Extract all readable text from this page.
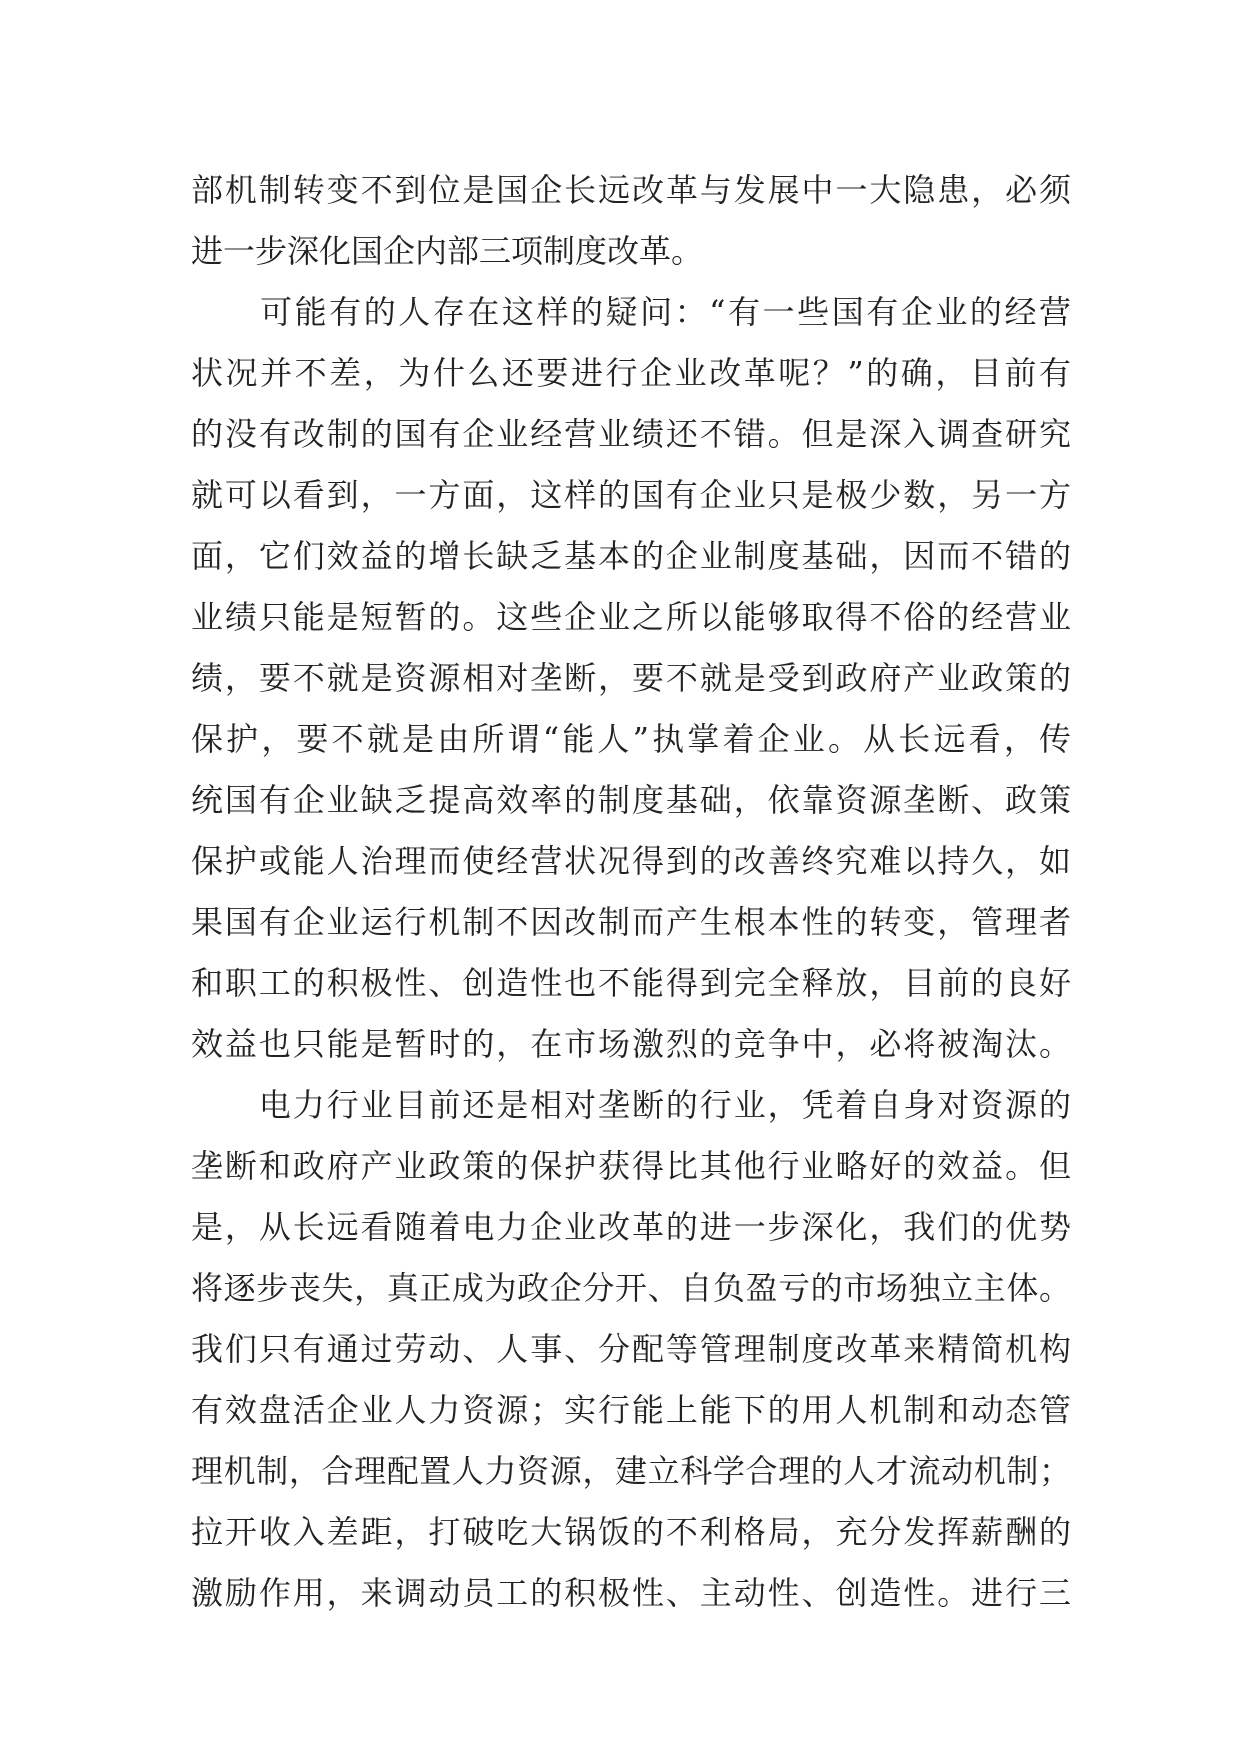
部机制转变不到位是国企长远改革与发展中一大隐患，必须
进一步深化国企内部三项制度改革。
　　可能有的人存在这样的疑问：“有一些国有企业的经营
状况并不差，为什么还要进行企业改革呢？”的确，目前有
的没有改制的国有企业经营业绩还不错。但是深入调查研究
就可以看到，一方面，这样的国有企业只是极少数，另一方
面，它们效益的增长缺乏基本的企业制度基础，因而不错的
业绩只能是短暂的。这些企业之所以能够取得不俗的经营业
绩，要不就是资源相对垄断，要不就是受到政府产业政策的
保护，要不就是由所谓“能人”执掌着企业。从长远看，传
统国有企业缺乏提高效率的制度基础，依靠资源垄断、政策
保护或能人治理而使经营状况得到的改善终究难以持久，如
果国有企业运行机制不因改制而产生根本性的转变，管理者
和职工的积极性、创造性也不能得到完全释放，目前的良好
效益也只能是暂时的，在市场激烈的竞争中，必将被淘汰。
　　电力行业目前还是相对垄断的行业，凭着自身对资源的
垄断和政府产业政策的保护获得比其他行业略好的效益。但
是，从长远看随着电力企业改革的进一步深化，我们的优势
将逐步丧失，真正成为政企分开、自负盈亏的市场独立主体。
我们只有通过劳动、人事、分配等管理制度改革来精简机构
有效盘活企业人力资源；实行能上能下的用人机制和动态管
理机制，合理配置人力资源，建立科学合理的人才流动机制；
拉开收入差距，打破吃大锅饭的不利格局，充分发挥薪酬的
激励作用，来调动员工的积极性、主动性、创造性。进行三
